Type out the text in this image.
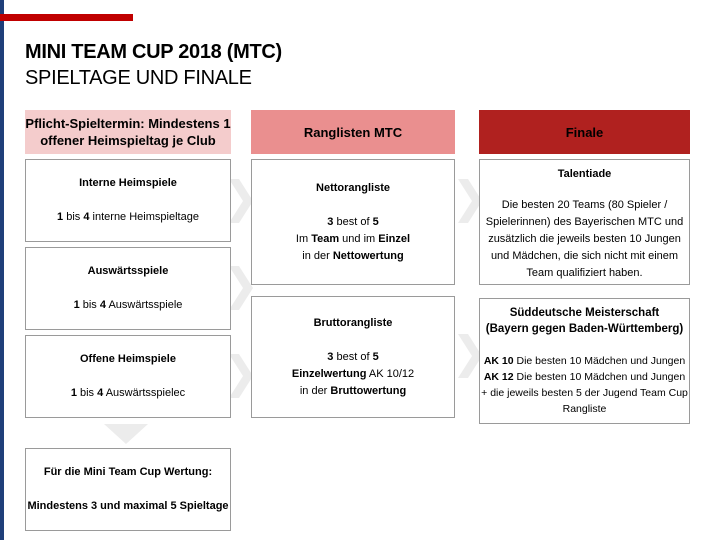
MINI TEAM CUP 2018 (MTC)
SPIELTAGE UND FINALE
Pflicht-Spieltermin: Mindestens 1
offener Heimspieltag je Club
Ranglisten MTC	Finale
Interne Heimspiele
1 bis 4 interne Heimspieltage
Auswärtsspiele
1 bis 4 Auswärtsspiele
Offene Heimspiele
1 bis 4 Auswärtsspielec
Für die Mini Team Cup Wertung:
Mindestens 3 und maximal 5 Spieltage
Nettorangliste
3 best of 5
Im Team und im Einzel
in der Nettowertung
Bruttorangliste
3 best of 5
Einzelwertung AK 10/12
in der Bruttowertung
Talentiade
Die besten 20 Teams (80 Spieler /
Spielerinnen) des Bayerischen MTC und
zusätzlich die jeweils besten 10 Jungen
und Mädchen, die sich nicht mit einem
Team qualifiziert haben.
Süddeutsche Meisterschaft
(Bayern gegen Baden-Württemberg)
AK 10 Die besten 10 Mädchen und Jungen
AK 12 Die besten 10 Mädchen und Jungen
+ die jeweils besten 5 der Jugend Team Cup
Rangliste
